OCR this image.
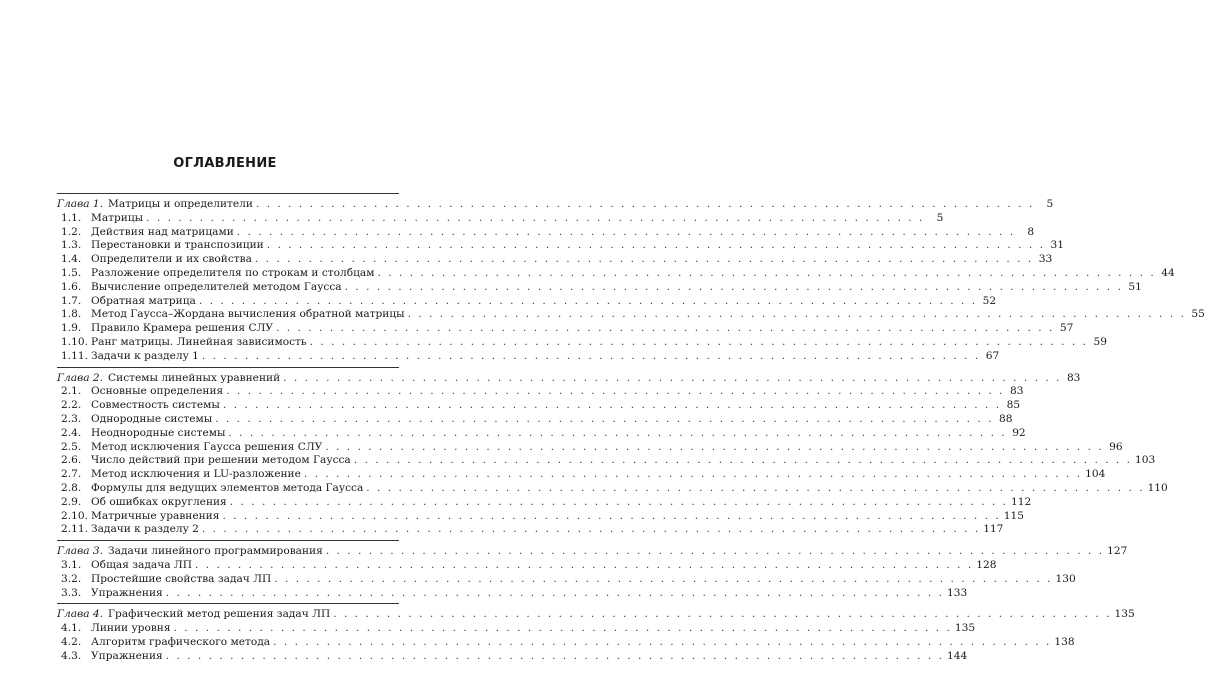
ОГЛАВЛЕНИЕ
Глава 1. Матрицы и определители . . .	5
1.1. Матрицы . . .	5
1.2. Действия над матрицами . . .	8
1.3. Перестановки и транспозиции . . .	31
1.4. Определители и их свойства . . .	33
1.5. Разложение определителя по строкам и столбцам . . .	44
1.6. Вычисление определителей методом Гаусса . . .	51
1.7. Обратная матрица . . .	52
1.8. Метод Гаусса–Жордана вычисления обратной матрицы . . .	55
1.9. Правило Крамера решения СЛУ . . .	57
1.10. Ранг матрицы. Линейная зависимость . . .	59
1.11. Задачи к разделу 1 . . .	67
Глава 2. Системы линейных уравнений . . .	83
2.1. Основные определения . . .	83
2.2. Совместность системы . . .	85
2.3. Однородные системы . . .	88
2.4. Неоднородные системы . . .	92
2.5. Метод исключения Гаусса решения СЛУ . . .	96
2.6. Число действий при решении методом Гаусса . . .	103
2.7. Метод исключения и LU-разложение . . .	104
2.8. Формулы для ведущих элементов метода Гаусса . . .	110
2.9. Об ошибках округления . . .	112
2.10. Матричные уравнения . . .	115
2.11. Задачи к разделу 2 . . .	117
Глава 3. Задачи линейного программирования . . .	127
3.1. Общая задача ЛП . . .	128
3.2. Простейшие свойства задач ЛП . . .	130
3.3. Упражнения . . .	133
Глава 4. Графический метод решения задач ЛП . . .	135
4.1. Линии уровня . . .	135
4.2. Алгоритм графического метода . . .	138
4.3. Упражнения . . .	144
